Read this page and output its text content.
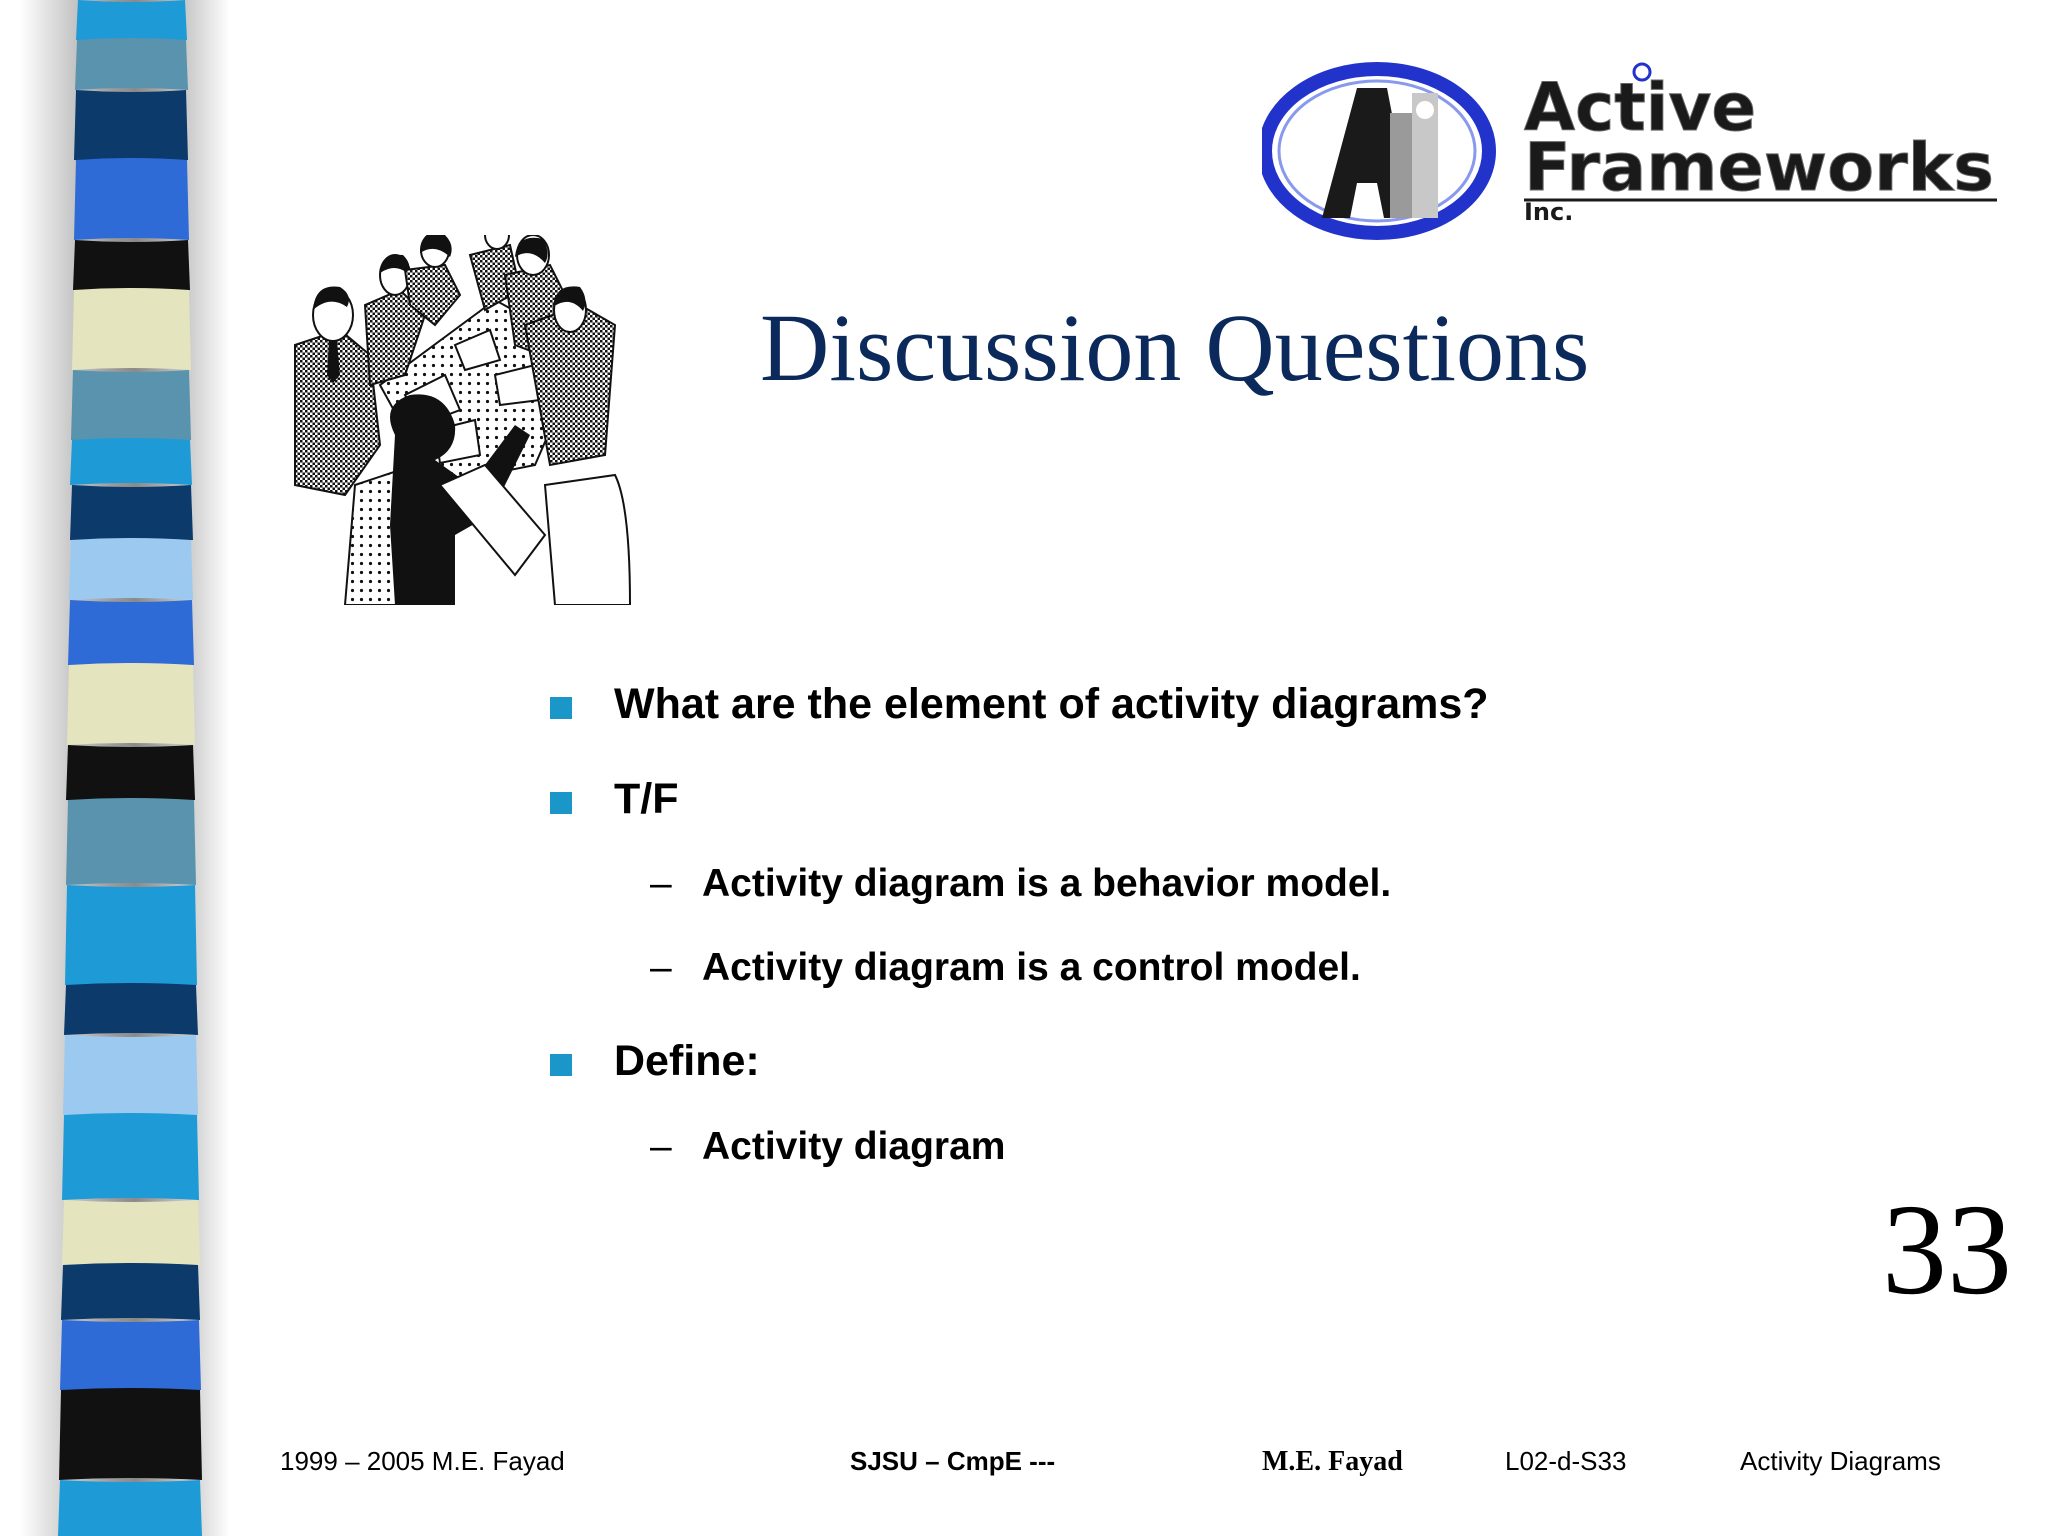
Active
Frameworks
Inc.
Discussion Questions
What are the element of activity diagrams?
T/F
– Activity diagram is a behavior model.
– Activity diagram is a control model.
Define:
– Activity diagram
33
1999 – 2005 M.E. Fayad	SJSU – CmpE ---	M.E. Fayad	L02-d-S33	Activity Diagrams
